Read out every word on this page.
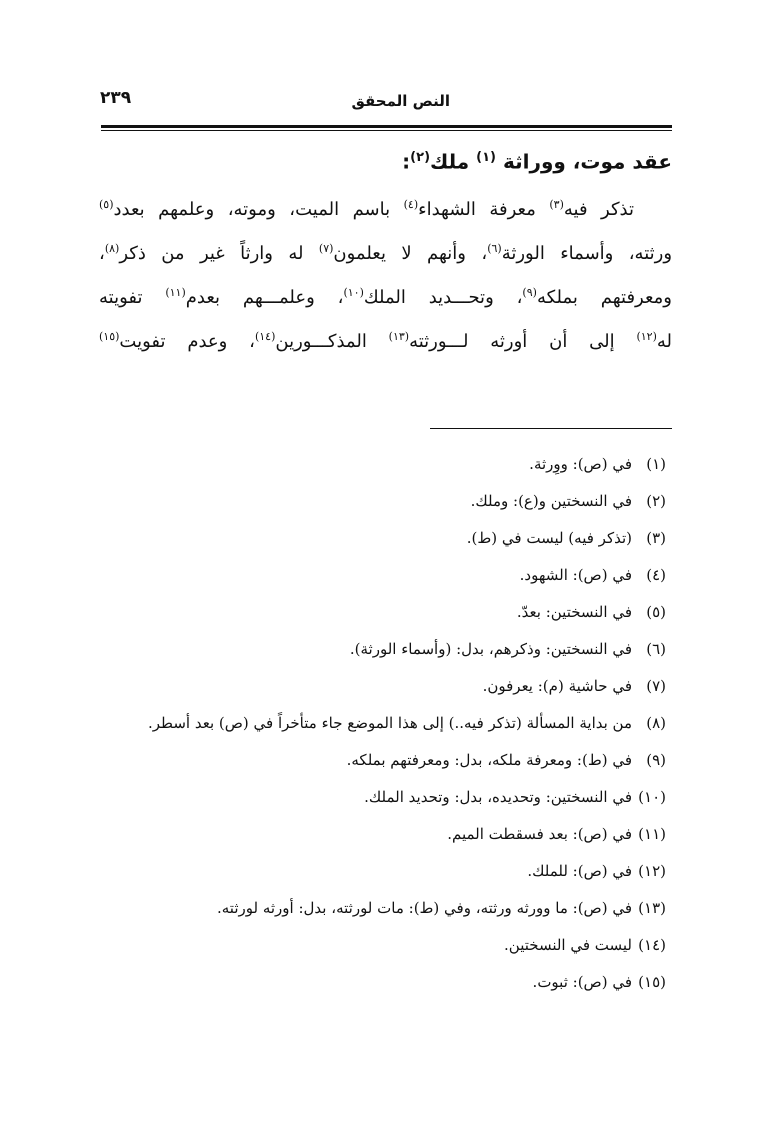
النص المحقق
٢٣٩
عقد موت، ووراثة $^{(١)}$ ملك$^{(٢)}$:
تذكر فيه$^{(٣)}$ معرفة الشهداء$^{(٤)}$ باسم الميت، وموته، وعلمهم بعدد$^{(٥)}$
ورثته، وأسماء الورثة$^{(٦)}$، وأنهم لا يعلمون$^{(٧)}$ له وارثاً غير من ذكر$^{(٨)}$،
ومعرفتهم بملكه$^{(٩)}$، وتحـــديد الملك$^{(١٠)}$، وعلمـــهم بعدم$^{(١١)}$ تفويته
له$^{(١٢)}$ إلى أن أورثه لـــورثته$^{(١٣)}$ المذكـــورين$^{(١٤)}$، وعدم تفويت$^{(١٥)}$
(١)في (ص): ووِرثة.
(٢)في النسختين و(ع): وملك.
(٣)(تذكر فيه) ليست في (ط).
(٤)في (ص): الشهود.
(٥)في النسختين: بعدّ.
(٦)في النسختين: وذكرهم، بدل: (وأسماء الورثة).
(٧)في حاشية (م): يعرفون.
(٨)من بداية المسألة (تذكر فيه..) إلى هذا الموضع جاء متأخراً في (ص) بعد أسطر.
(٩)في (ط): ومعرفة ملكه، بدل: ومعرفتهم بملكه.
(١٠)في النسختين: وتحديده، بدل: وتحديد الملك.
(١١)في (ص): بعد فسقطت الميم.
(١٢)في (ص): للملك.
(١٣)في (ص): ما وورثه ورثته، وفي (ط): مات لورثته، بدل: أورثه لورثته.
(١٤)ليست في النسختين.
(١٥)في (ص): ثبوت.
